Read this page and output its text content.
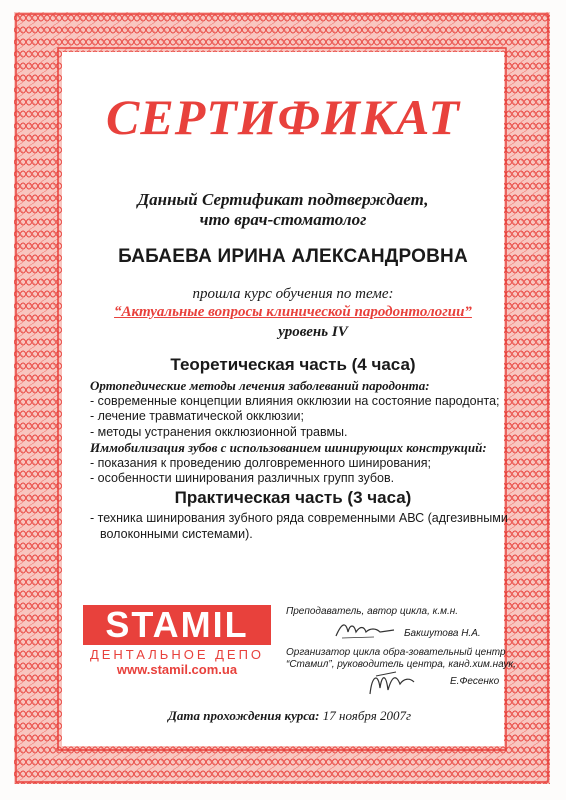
СЕРТИФИКАТ
Данный Сертификат подтверждает,
что врач-стоматолог
БАБАЕВА ИРИНА АЛЕКСАНДРОВНА
прошла курс обучения по теме:
“Актуальные вопросы клинической пародонтологии”
уровень IV
Теоретическая часть (4 часа)
Ортопедические методы лечения заболеваний пародонта:
- современные концепции влияния окклюзии на состояние пародонта;
- лечение травматической окклюзии;
- методы устранения окклюзионной травмы.
Иммобилизация зубов с использованием шинирующих конструкций:
- показания к проведению долговременного шинирования;
- особенности шинирования различных групп зубов.
Практическая часть (3 часа)
- техника шинирования зубного ряда современными АВС (адгезивными
волоконными системами).
STAMIL
ДЕНТАЛЬНОЕ ДЕПО
www.stamil.com.ua
Преподаватель, автор цикла, к.м.н.
Бакшутова Н.А.
Организатор цикла обра-зовательный центр
“Стамил”, руководитель центра, канд.хим.наук,
Е.Фесенко
Дата прохождения курса: 17 ноября 2007г
